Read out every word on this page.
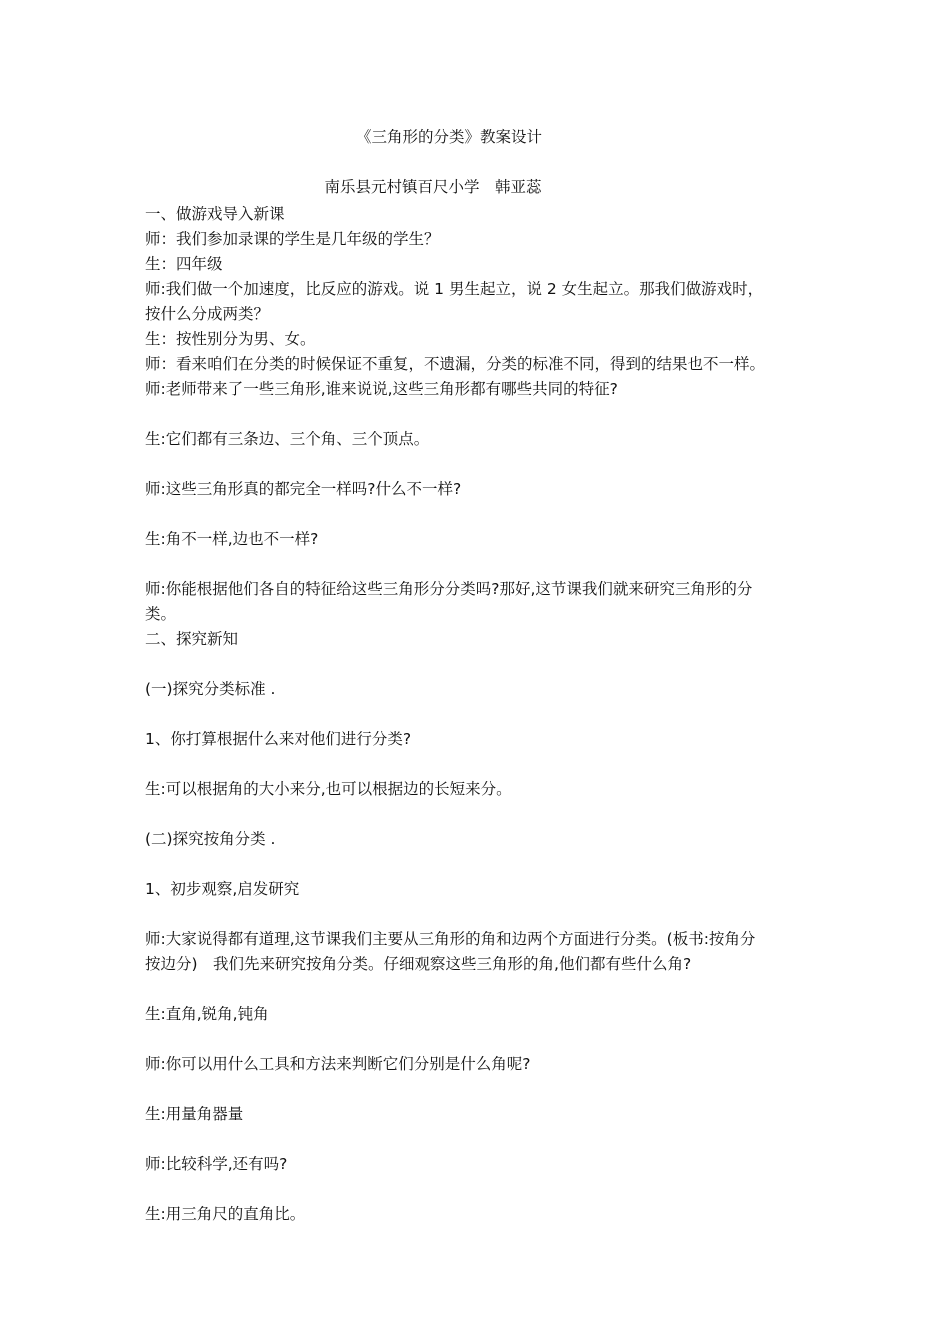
《三角形的分类》教案设计
南乐县元村镇百尺小学　韩亚蕊
一、做游戏导入新课
师：我们参加录课的学生是几年级的学生？
生：四年级
师:我们做一个加速度，比反应的游戏。说 1 男生起立，说 2 女生起立。那我们做游戏时，
按什么分成两类？
生：按性别分为男、女。
师：看来咱们在分类的时候保证不重复，不遗漏，分类的标准不同，得到的结果也不一样。
师:老师带来了一些三角形,谁来说说,这些三角形都有哪些共同的特征?
生:它们都有三条边、三个角、三个顶点。
师:这些三角形真的都完全一样吗?什么不一样?
生:角不一样,边也不一样?
师:你能根据他们各自的特征给这些三角形分分类吗?那好,这节课我们就来研究三角形的分
类。
二、探究新知
(一)探究分类标准 .
1、你打算根据什么来对他们进行分类?
生:可以根据角的大小来分,也可以根据边的长短来分。
(二)探究按角分类 .
1、初步观察,启发研究
师:大家说得都有道理,这节课我们主要从三角形的角和边两个方面进行分类。(板书:按角分
按边分)　我们先来研究按角分类。仔细观察这些三角形的角,他们都有些什么角?
生:直角,锐角,钝角
师:你可以用什么工具和方法来判断它们分别是什么角呢?
生:用量角器量
师:比较科学,还有吗?
生:用三角尺的直角比。
